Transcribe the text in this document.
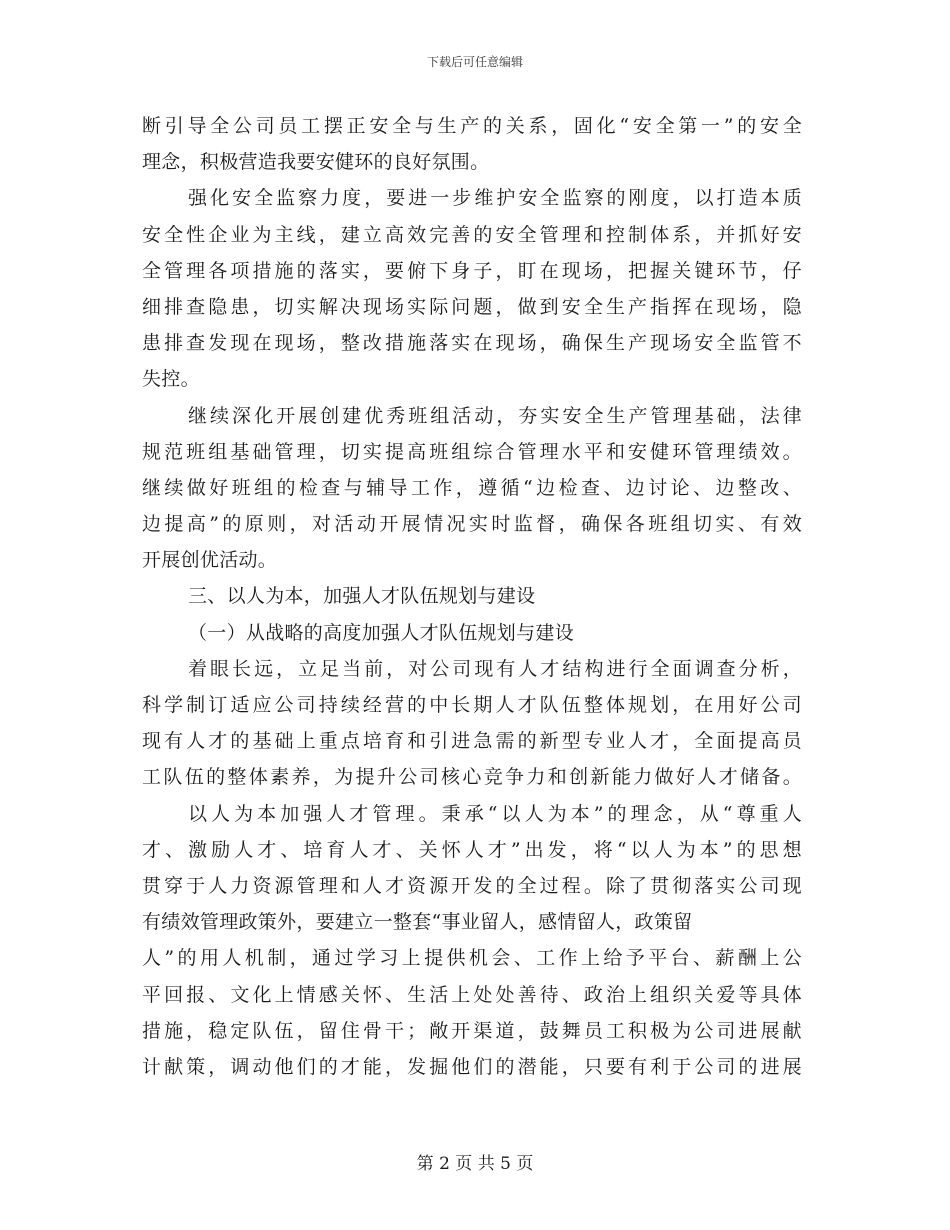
下载后可任意编辑
断引导全公司员工摆正安全与生产的关系，固化“安全第一”的安全
理念，积极营造我要安健环的良好氛围。
强化安全监察力度，要进一步维护安全监察的刚度，以打造本质
安全性企业为主线，建立高效完善的安全管理和控制体系，并抓好安
全管理各项措施的落实，要俯下身子，盯在现场，把握关键环节，仔
细排查隐患，切实解决现场实际问题，做到安全生产指挥在现场，隐
患排查发现在现场，整改措施落实在现场，确保生产现场安全监管不
失控。
继续深化开展创建优秀班组活动，夯实安全生产管理基础，法律
规范班组基础管理，切实提高班组综合管理水平和安健环管理绩效。
继续做好班组的检查与辅导工作，遵循“边检查、边讨论、边整改、
边提高”的原则，对活动开展情况实时监督，确保各班组切实、有效
开展创优活动。
三、以人为本，加强人才队伍规划与建设
（一）从战略的高度加强人才队伍规划与建设
着眼长远，立足当前，对公司现有人才结构进行全面调查分析，
科学制订适应公司持续经营的中长期人才队伍整体规划，在用好公司
现有人才的基础上重点培育和引进急需的新型专业人才，全面提高员
工队伍的整体素养，为提升公司核心竞争力和创新能力做好人才储备。
以人为本加强人才管理。秉承“以人为本”的理念，从“尊重人
才、激励人才、培育人才、关怀人才”出发，将“以人为本”的思想
贯穿于人力资源管理和人才资源开发的全过程。除了贯彻落实公司现
有绩效管理政策外，要建立一整套“事业留人，感情留人，政策留
人”的用人机制，通过学习上提供机会、工作上给予平台、薪酬上公
平回报、文化上情感关怀、生活上处处善待、政治上组织关爱等具体
措施，稳定队伍，留住骨干；敞开渠道，鼓舞员工积极为公司进展献
计献策，调动他们的才能，发掘他们的潜能，只要有利于公司的进展
第 2 页 共 5 页
